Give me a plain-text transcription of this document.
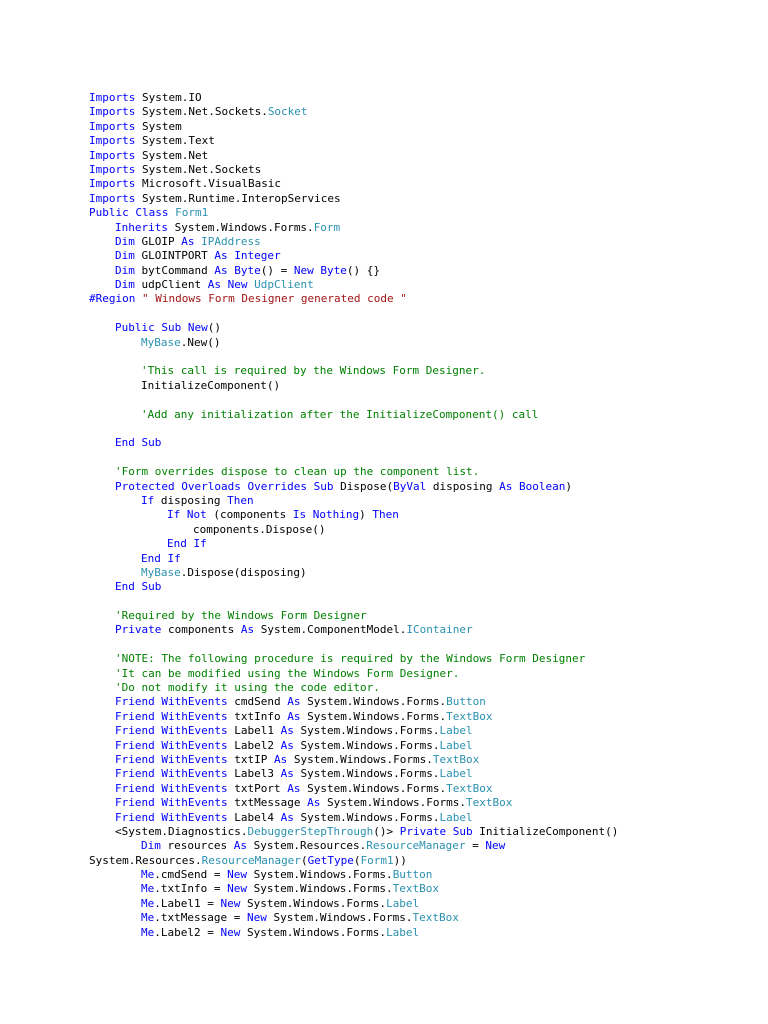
Imports System.IO
Imports System.Net.Sockets.Socket
Imports System
Imports System.Text
Imports System.Net
Imports System.Net.Sockets
Imports Microsoft.VisualBasic
Imports System.Runtime.InteropServices
Public Class Form1
Inherits System.Windows.Forms.Form
Dim GLOIP As IPAddress
Dim GLOINTPORT As Integer
Dim bytCommand As Byte() = New Byte() {}
Dim udpClient As New UdpClient
#Region " Windows Form Designer generated code "
Public Sub New()
MyBase.New()
'This call is required by the Windows Form Designer.
InitializeComponent()
'Add any initialization after the InitializeComponent() call
End Sub
'Form overrides dispose to clean up the component list.
Protected Overloads Overrides Sub Dispose(ByVal disposing As Boolean)
If disposing Then
If Not (components Is Nothing) Then
components.Dispose()
End If
End If
MyBase.Dispose(disposing)
End Sub
'Required by the Windows Form Designer
Private components As System.ComponentModel.IContainer
'NOTE: The following procedure is required by the Windows Form Designer
'It can be modified using the Windows Form Designer.
'Do not modify it using the code editor.
Friend WithEvents cmdSend As System.Windows.Forms.Button
Friend WithEvents txtInfo As System.Windows.Forms.TextBox
Friend WithEvents Label1 As System.Windows.Forms.Label
Friend WithEvents Label2 As System.Windows.Forms.Label
Friend WithEvents txtIP As System.Windows.Forms.TextBox
Friend WithEvents Label3 As System.Windows.Forms.Label
Friend WithEvents txtPort As System.Windows.Forms.TextBox
Friend WithEvents txtMessage As System.Windows.Forms.TextBox
Friend WithEvents Label4 As System.Windows.Forms.Label
<System.Diagnostics.DebuggerStepThrough()> Private Sub InitializeComponent()
Dim resources As System.Resources.ResourceManager = New
System.Resources.ResourceManager(GetType(Form1))
Me.cmdSend = New System.Windows.Forms.Button
Me.txtInfo = New System.Windows.Forms.TextBox
Me.Label1 = New System.Windows.Forms.Label
Me.txtMessage = New System.Windows.Forms.TextBox
Me.Label2 = New System.Windows.Forms.Label
